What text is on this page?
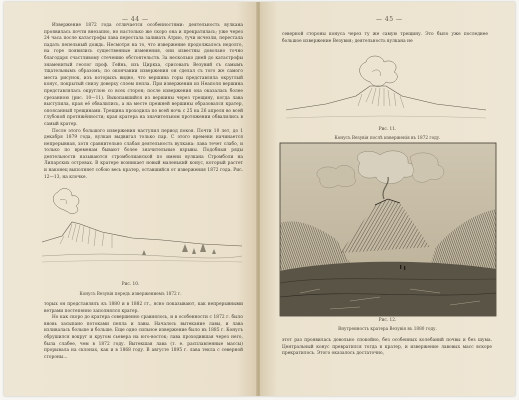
— 44 —

Извержение 1872 года отличается особенностями: деятельность вулкана проявилась почти внезапно, но настолько же скоро она и прекратилась; уже через 24 часа после катастрофы лава перестала заливать Атрио, тучи исчезли, перестала падать пепельный дождь. Несмотря на то, что извержение продолжалось недолго, на горе появились существенные изменения, они известны довольно точно благодаря счастливому стечению обстоятельств. За несколько дней до катастрофы знаменитый геолог проф. Гейнь, изъ Циркха, срисовалъ Везувий съ самымъ тщательнымъ образомъ; по окончании извержения он сделал съ того же самого места рисунок, изъ которыхъ видно, что вершина горы представляла округлый конус, покрытый снизу доверху слоем пепла. При извержении из Неаполя вершина представлялась округлою со всех сторон; после извержения она оказалась более срезанною (рис. 10—11). Выкопавшийся из вершины через трещину, когда лава выступила, края её обвалились, а на месте прежней вершины образовался кратер, опоясанный трещинами. Трещина проходила по всей ночь с 25 на 26 апреля во всей глубокой протяжённости; края кратера на значительном протяжении обвалились в самый кратер.

После этого большого извержения наступил период покоя. Почти 10 лет, до 1 декабря 1879 года, вулкан выдвигал только пар. С этого времени начинается непрерывная, хотя сравнительно слабая деятельность вулкана: лава течет слабо, и только по временам бывают более значительные взрывы. Подобныя ряды деятельности называются стромболианской по имени вулкана Стромболи на Липарских островах. В кратере возникает новый маленький конус, который растет и наконец выполняет собою весь кратер, оставшийся от извержения 1872 года. Рис. 12—13, на клочке.

Рис. 10.
Конусъ Везувія передъ извержениемъ 1872 г.

торых он представлялъ къ 1880 и в 1882 гг., ясно показывают, как непрерывными ветрами постепенно заполнялся кратер.

Но как скоро до кратера совершенно сравнялось, и в особенности с 1872 г. было вновь засыпано потоками пепла и лавы. Началось вытекание лавы, и лава изливалась больше и больше. Еще одно сильное извержение было въ 1885 г. Конусъ обрушился вокруг и кругом сьевера на юго-восток; лава проходившая через него, была слабее, чем в 1872 году. Вытекшая лава (т. е. расплавленные массы) прорывала на склонах, как и в 1868 году. В августе 1895 г. лава текла с северной стороны...

— 45 —

северной стороны конуса через ту же самую трещину. Это было уже последнее большое извержение Везувия; деятельность вулкана не

Рис. 11.
Конусъ Везувія послѣ изверженія въ 1872 году.
Рис. 12.
Внутренность кратера Везувія въ 1880 году.

этот раз проявилась довольно спокойно, без особенных колебаний почвы и без шума. Центральный конус превратился тогда в кратер, и извержение лавовых масс вскоре прекратилось. Этого оказалось достаточно,
